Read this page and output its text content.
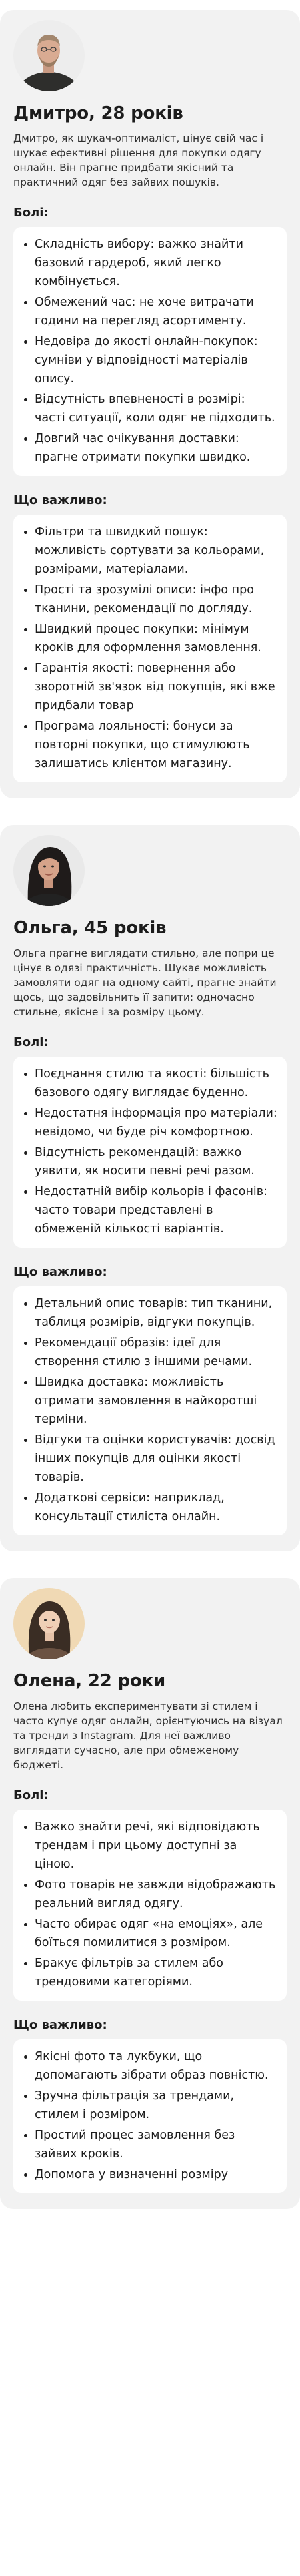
Дмитро, 28 років

Дмитро, як шукач-оптималіст, цінує свій час і шукає ефективні рішення для покупки одягу онлайн. Він прагне придбати якісний та практичний одяг без зайвих пошуків.

Болі:
Складність вибору: важко знайти базовий гардероб, який легко комбінується.
Обмежений час: не хоче витрачати години на перегляд асортименту.
Недовіра до якості онлайн-покупок: сумніви у відповідності матеріалів опису.
Відсутність впевненості в розмірі: часті ситуації, коли одяг не підходить.
Довгий час очікування доставки: прагне отримати покупки швидко.
Що важливо:
Фільтри та швидкий пошук: можливість сортувати за кольорами, розмірами, матеріалами.
Прості та зрозумілі описи: інфо про тканини, рекомендації по догляду.
Швидкий процес покупки: мінімум кроків для оформлення замовлення.
Гарантія якості: повернення або зворотній зв'язок від покупців, які вже придбали товар
Програма лояльності: бонуси за повторні покупки, що стимулюють залишатись клієнтом магазину.
Ольга, 45 років

Ольга прагне виглядати стильно, але попри це цінує в одязі практичність. Шукає можливість замовляти одяг на одному сайті, прагне знайти щось, що задовільнить її запити: одночасно стильне, якісне і за розміру цьому.

Болі:
Поєднання стилю та якості: більшість базового одягу виглядає буденно.
Недостатня інформація про матеріали: невідомо, чи буде річ комфортною.
Відсутність рекомендацій: важко уявити, як носити певні речі разом.
Недостатній вибір кольорів і фасонів: часто товари представлені в обмеженій кількості варіантів.
Що важливо:
Детальний опис товарів: тип тканини, таблиця розмірів, відгуки покупців.
Рекомендації образів: ідеї для створення стилю з іншими речами.
Швидка доставка: можливість отримати замовлення в найкоротші терміни.
Відгуки та оцінки користувачів: досвід інших покупців для оцінки якості товарів.
Додаткові сервіси: наприклад, консультації стиліста онлайн.
Олена, 22 роки

Олена любить експериментувати зі стилем і часто купує одяг онлайн, орієнтуючись на візуал та тренди з Instagram. Для неї важливо виглядати сучасно, але при обмеженому бюджеті.

Болі:
Важко знайти речі, які відповідають трендам і при цьому доступні за ціною.
Фото товарів не завжди відображають реальний вигляд одягу.
Часто обирає одяг «на емоціях», але боїться помилитися з розміром.
Бракує фільтрів за стилем або трендовими категоріями.
Що важливо:
Якісні фото та лукбуки, що допомагають зібрати образ повністю.
Зручна фільтрація за трендами, стилем і розміром.
Простий процес замовлення без зайвих кроків.
Допомога у визначенні розміру
